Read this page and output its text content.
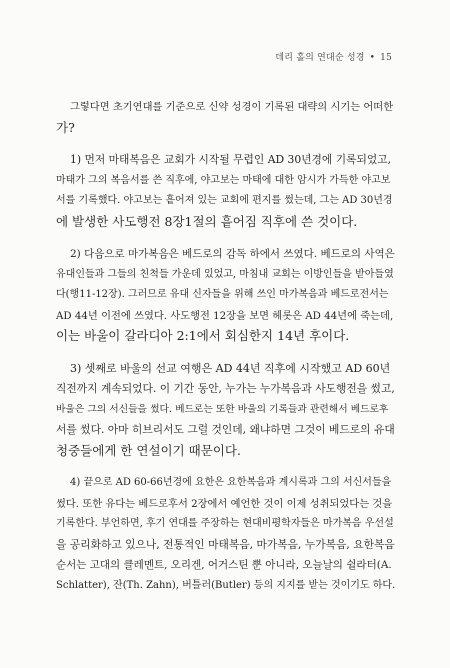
데리 홀의 연대순 성경 • 15

그렇다면 초기연대를 기준으로 신약 성경이 기록된 대략의 시기는 어떠한

가?

1) 먼저 마태복음은 교회가 시작될 무렵인 AD 30년경에 기록되었고,

마태가 그의 복음서를 쓴 직후에, 야고보는 마태에 대한 암시가 가득한 야고보

서를 기록했다. 야고보는 흩어져 있는 교회에 편지를 썼는데, 그는 AD 30년경

에 발생한 사도행전 8장1절의 흩어짐 직후에 쓴 것이다.

2) 다음으로 마가복음은 베드로의 감독 하에서 쓰였다. 베드로의 사역은

유대인들과 그들의 친척들 가운데 있었고, 마침내 교회는 이방인들을 받아들였

다(행11-12장). 그러므로 유대 신자들을 위해 쓰인 마가복음과 베드로전서는

AD 44년 이전에 쓰였다. 사도행전 12장을 보면 헤롯은 AD 44년에 죽는데,

이는 바울이 갈라디아 2:1에서 회심한지 14년 후이다.

3) 셋째로 바울의 선교 여행은 AD 44년 직후에 시작했고 AD 60년

직전까지 계속되었다. 이 기간 동안, 누가는 누가복음과 사도행전을 썼고,

바울은 그의 서신들을 썼다. 베드로는 또한 바울의 기록들과 관련해서 베드로후

서를 썼다. 아마 히브리서도 그럴 것인데, 왜냐하면 그것이 베드로의 유대

청중들에게 한 연설이기 때문이다.

4) 끝으로 AD 60-66년경에 요한은 요한복음과 계시록과 그의 서신서들을

썼다. 또한 유다는 베드로후서 2장에서 예언한 것이 이제 성취되었다는 것을

기록한다. 부언하면, 후기 연대를 주장하는 현대비평학자들은 마가복음 우선설

을 공리화하고 있으나, 전통적인 마태복음, 마가복음, 누가복음, 요한복음

순서는 고대의 클레멘트, 오리겐, 어거스틴 뿐 아니라, 오늘날의 쉴라터(A.

Schlatter), 잔(Th. Zahn), 버틀러(Butler) 등의 지지를 받는 것이기도 하다.
